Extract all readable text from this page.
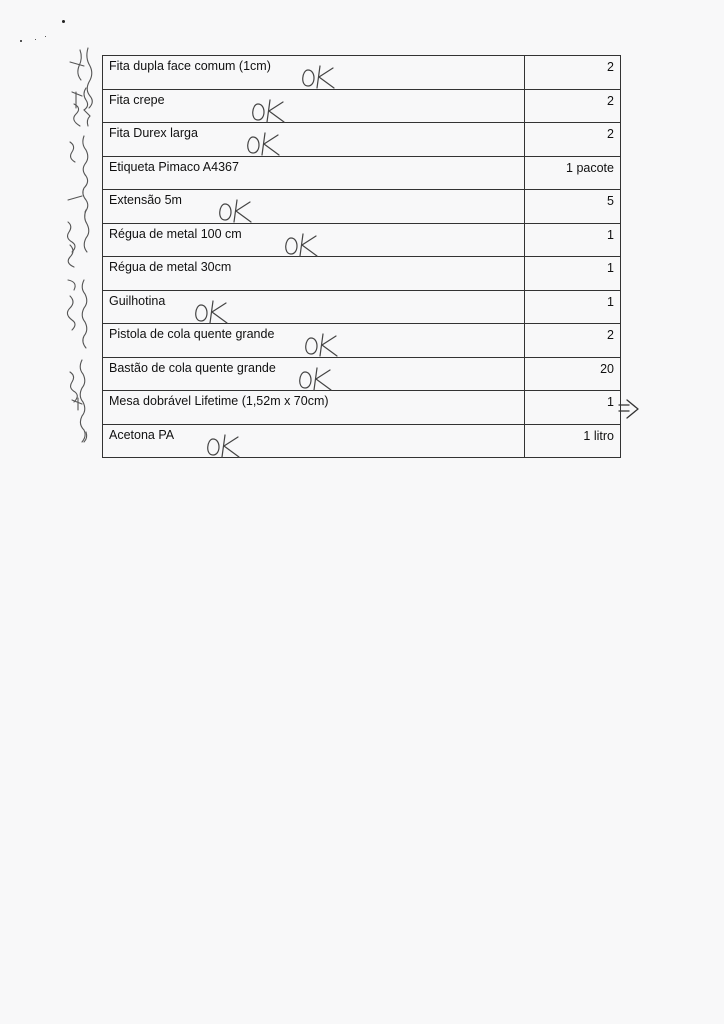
Fita dupla face comum (1cm)	2
Fita crepe	2
Fita Durex larga	2
Etiqueta Pimaco A4367	1 pacote
Extensão 5m	5
Régua de metal 100 cm	1
Régua de metal 30cm	1
Guilhotina	1
Pistola de cola quente grande	2
Bastão de cola quente grande	20
Mesa dobrável Lifetime (1,52m x 70cm)	1
Acetona PA	1 litro
